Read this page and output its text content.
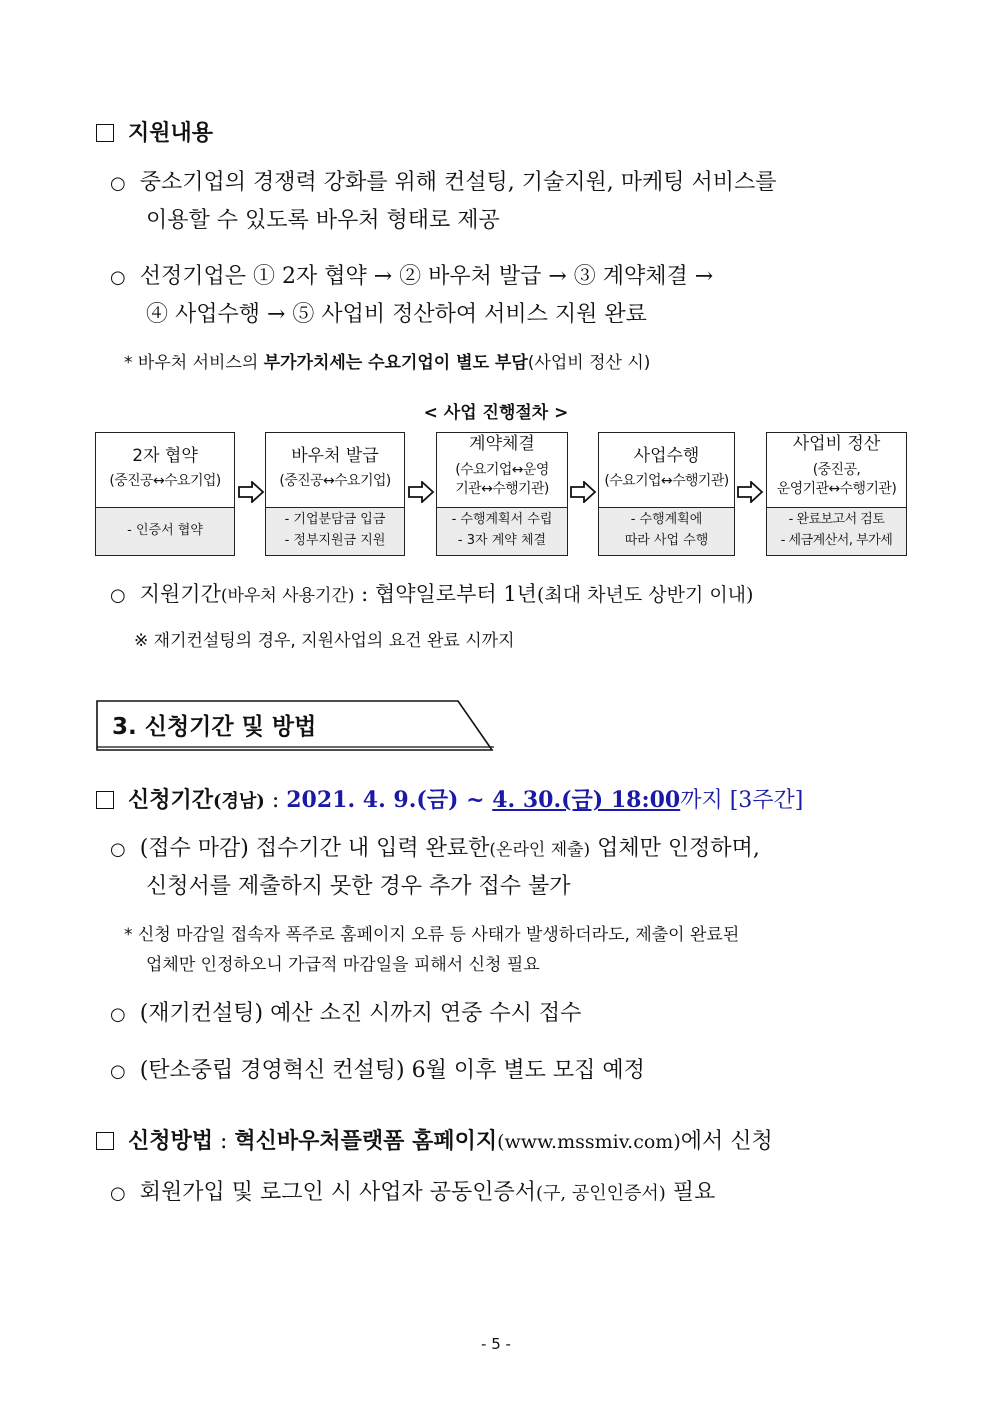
지원내용
○ 중소기업의 경쟁력 강화를 위해 컨설팅, 기술지원, 마케팅 서비스를
이용할 수 있도록 바우처 형태로 제공
○ 선정기업은 ① 2자 협약 → ② 바우처 발급 → ③ 계약체결 →
④ 사업수행 → ⑤ 사업비 정산하여 서비스 지원 완료
* 바우처 서비스의 부가가치세는 수요기업이 별도 부담(사업비 정산 시)
< 사업 진행절차 >
2자 협약
(중진공↔수요기업)
- 인증서 협약
바우처 발급
(중진공↔수요기업)
- 기업분담금 입금
- 정부지원금 지원
계약체결
(수요기업↔운영
기관↔수행기관)
- 수행계획서 수립
- 3자 계약 체결
사업수행
(수요기업↔수행기관)
- 수행계획에
따라 사업 수행
사업비 정산
(중진공,
운영기관↔수행기관)
- 완료보고서 검토
- 세금계산서, 부가세
○ 지원기간(바우처 사용기간) : 협약일로부터 1년(최대 차년도 상반기 이내)
※ 재기컨설팅의 경우, 지원사업의 요건 완료 시까지
3. 신청기간 및 방법
신청기간(경남) : 2021. 4. 9.(금) ~ 4. 30.(금) 18:00까지 [3주간]
○ (접수 마감) 접수기간 내 입력 완료한(온라인 제출) 업체만 인정하며,
신청서를 제출하지 못한 경우 추가 접수 불가
* 신청 마감일 접속자 폭주로 홈페이지 오류 등 사태가 발생하더라도, 제출이 완료된
업체만 인정하오니 가급적 마감일을 피해서 신청 필요
○ (재기컨설팅) 예산 소진 시까지 연중 수시 접수
○ (탄소중립 경영혁신 컨설팅) 6월 이후 별도 모집 예정
신청방법 : 혁신바우처플랫폼 홈페이지(www.mssmiv.com)에서 신청
○ 회원가입 및 로그인 시 사업자 공동인증서(구, 공인인증서) 필요
- 5 -
